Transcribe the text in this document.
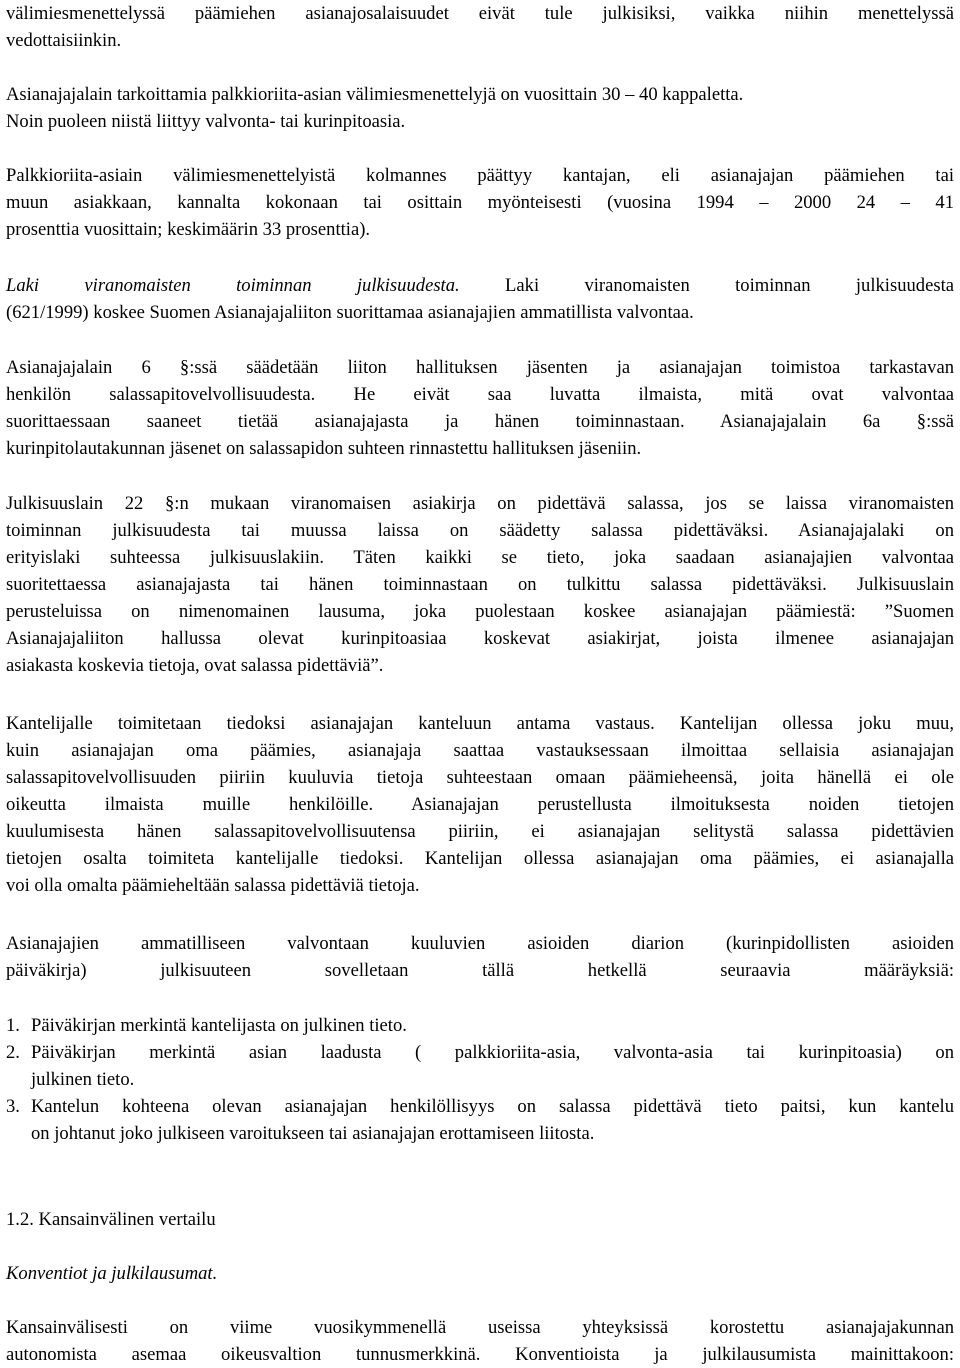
välimiesmenettelyssä päämiehen asianajosalaisuudet eivät tule julkisiksi, vaikka niihin menettelyssä
vedottaisiinkin.
Asianajajalain tarkoittamia palkkioriita-asian välimiesmenettelyjä on vuosittain 30 – 40 kappaletta.
Noin puoleen niistä liittyy valvonta- tai kurinpitoasia.
Palkkioriita-asiain välimiesmenettelyistä kolmannes päättyy kantajan, eli asianajajan päämiehen tai
muun asiakkaan, kannalta kokonaan tai osittain myönteisesti (vuosina 1994 – 2000 24 – 41
prosenttia vuosittain; keskimäärin 33 prosenttia).
Laki viranomaisten toiminnan julkisuudesta. Laki viranomaisten toiminnan julkisuudesta
(621/1999) koskee Suomen Asianajajaliiton suorittamaa asianajajien ammatillista valvontaa.
Asianajajalain 6 §:ssä säädetään liiton hallituksen jäsenten ja asianajajan toimistoa tarkastavan
henkilön salassapitovelvollisuudesta. He eivät saa luvatta ilmaista, mitä ovat valvontaa
suorittaessaan saaneet tietää asianajajasta ja hänen toiminnastaan. Asianajajalain 6a §:ssä
kurinpitolautakunnan jäsenet on salassapidon suhteen rinnastettu hallituksen jäseniin.
Julkisuuslain 22 §:n mukaan viranomaisen asiakirja on pidettävä salassa, jos se laissa viranomaisten
toiminnan julkisuudesta tai muussa laissa on säädetty salassa pidettäväksi. Asianajajalaki on
erityislaki suhteessa julkisuuslakiin. Täten kaikki se tieto, joka saadaan asianajajien valvontaa
suoritettaessa asianajajasta tai hänen toiminnastaan on tulkittu salassa pidettäväksi. Julkisuuslain
perusteluissa on nimenomainen lausuma, joka puolestaan koskee asianajajan päämiestä: ”Suomen
Asianajajaliiton hallussa olevat kurinpitoasiaa koskevat asiakirjat, joista ilmenee asianajajan
asiakasta koskevia tietoja, ovat salassa pidettäviä”.
Kantelijalle toimitetaan tiedoksi asianajajan kanteluun antama vastaus. Kantelijan ollessa joku muu,
kuin asianajajan oma päämies, asianajaja saattaa vastauksessaan ilmoittaa sellaisia asianajajan
salassapitovelvollisuuden piiriin kuuluvia tietoja suhteestaan omaan päämieheensä, joita hänellä ei ole
oikeutta ilmaista muille henkilöille. Asianajajan perustellusta ilmoituksesta noiden tietojen
kuulumisesta hänen salassapitovelvollisuutensa piiriin, ei asianajajan selitystä salassa pidettävien
tietojen osalta toimiteta kantelijalle tiedoksi. Kantelijan ollessa asianajajan oma päämies, ei asianajalla
voi olla omalta päämieheltään salassa pidettäviä tietoja.
Asianajajien ammatilliseen valvontaan kuuluvien asioiden diarion (kurinpidollisten asioiden
päiväkirja) julkisuuteen sovelletaan tällä hetkellä seuraavia määräyksiä:
1. Päiväkirjan merkintä kantelijasta on julkinen tieto.
2. Päiväkirjan merkintä asian laadusta ( palkkioriita-asia, valvonta-asia tai kurinpitoasia) on
julkinen tieto.
3. Kantelun kohteena olevan asianajajan henkilöllisyys on salassa pidettävä tieto paitsi, kun kantelu
on johtanut joko julkiseen varoitukseen tai asianajajan erottamiseen liitosta.
1.2. Kansainvälinen vertailu
Konventiot ja julkilausumat.
Kansainvälisesti on viime vuosikymmenellä useissa yhteyksissä korostettu asianajajakunnan
autonomista asemaa oikeusvaltion tunnusmerkkinä. Konventioista ja julkilausumista mainittakoon:
